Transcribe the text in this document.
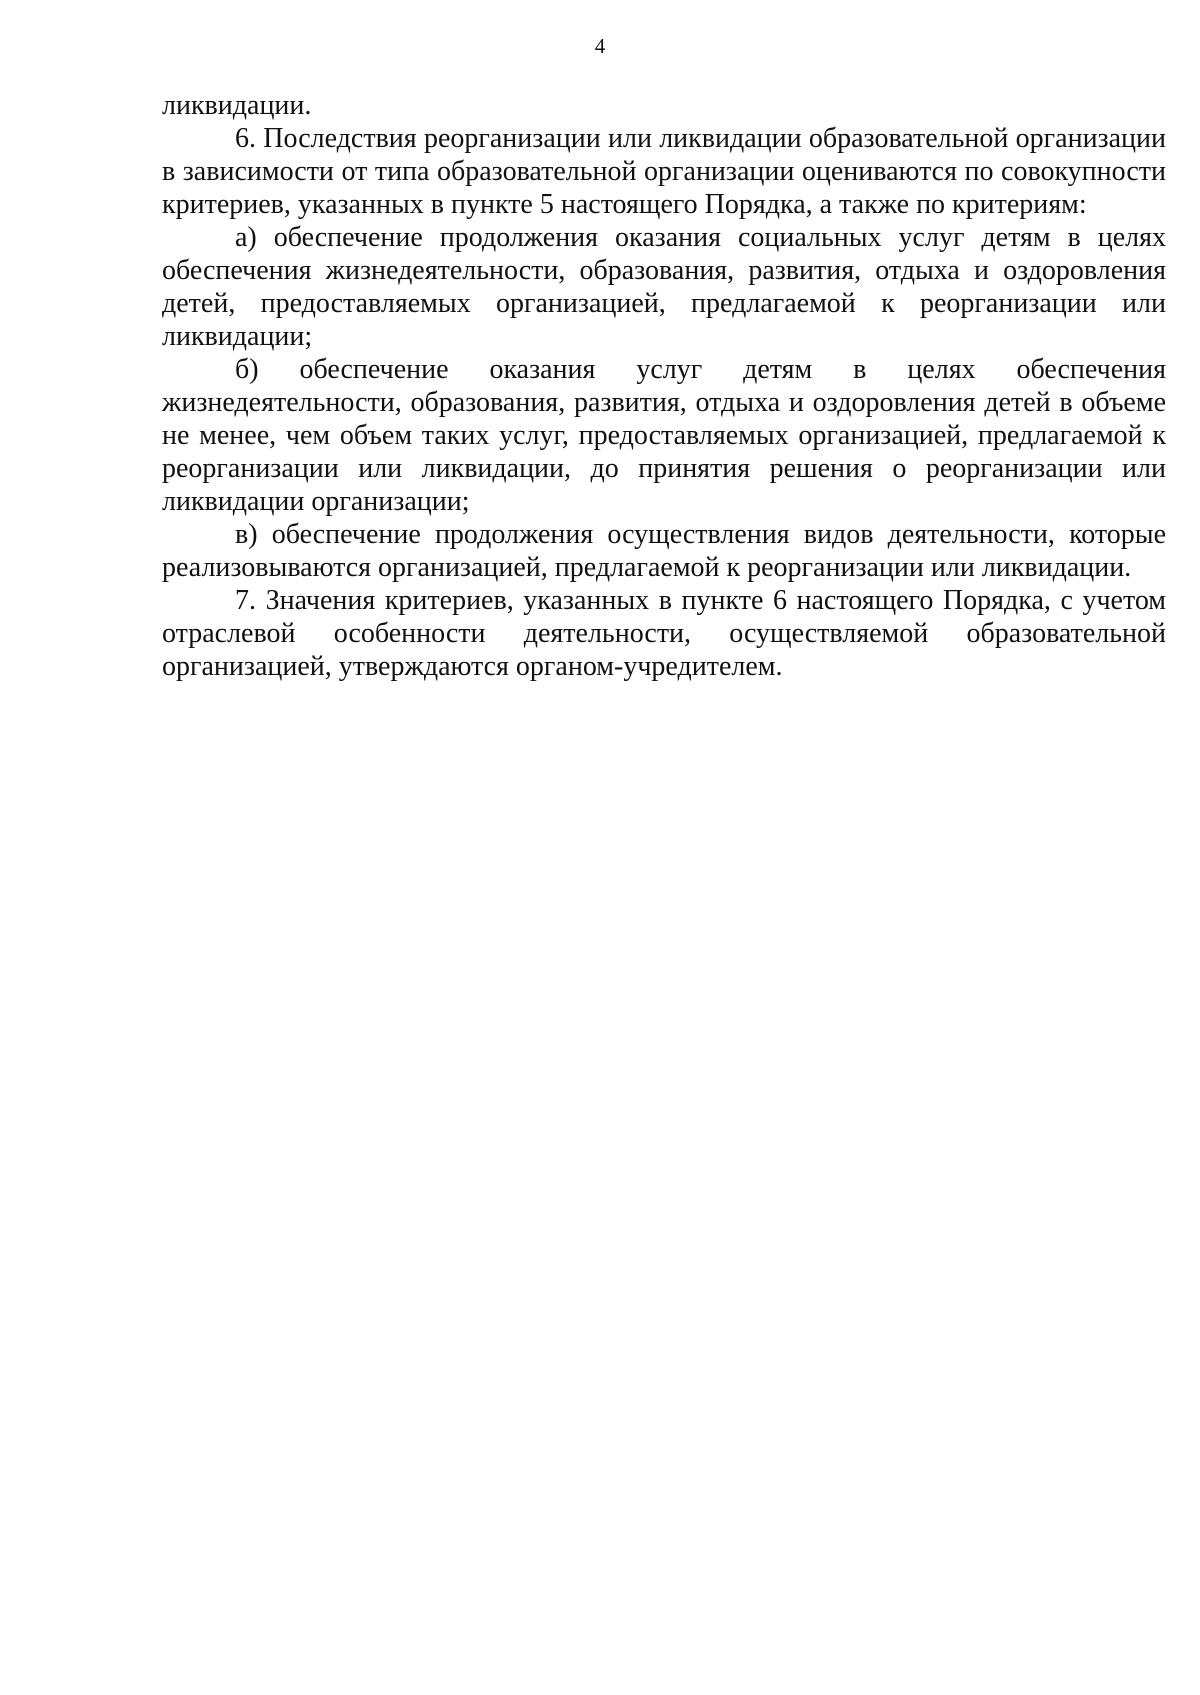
4

ликвидации.

6. Последствия реорганизации или ликвидации образовательной организации в зависимости от типа образовательной организации оцениваются по совокупности критериев, указанных в пункте 5 настоящего Порядка, а также по критериям:

а) обеспечение продолжения оказания социальных услуг детям в целях обеспечения жизнедеятельности, образования, развития, отдыха и оздоровления детей, предоставляемых организацией, предлагаемой к реорганизации или ликвидации;

б) обеспечение оказания услуг детям в целях обеспечения жизнедеятельности, образования, развития, отдыха и оздоровления детей в объеме не менее, чем объем таких услуг, предоставляемых организацией, предлагаемой к реорганизации или ликвидации, до принятия решения о реорганизации или ликвидации организации;

в) обеспечение продолжения осуществления видов деятельности, которые реализовываются организацией, предлагаемой к реорганизации или ликвидации.

7. Значения критериев, указанных в пункте 6 настоящего Порядка, с учетом отраслевой особенности деятельности, осуществляемой образовательной организацией, утверждаются органом-учредителем.
